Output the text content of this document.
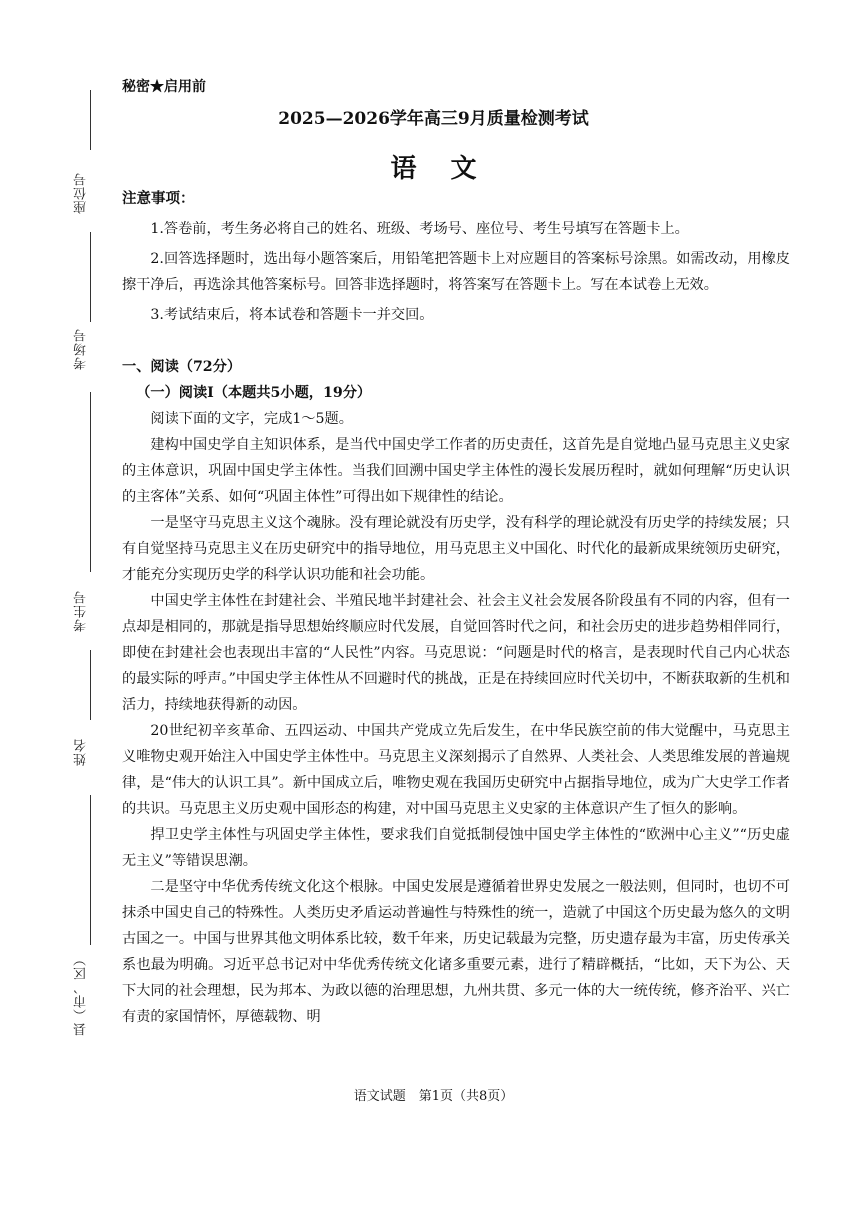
座位号
考场号
考生号
姓名
县（市、区）
秘密★启用前
2025—2026学年高三9月质量检测考试
语文
注意事项：
1.答卷前，考生务必将自己的姓名、班级、考场号、座位号、考生号填写在答题卡上。
2.回答选择题时，选出每小题答案后，用铅笔把答题卡上对应题目的答案标号涂黑。如需改动，用橡皮擦干净后，再选涂其他答案标号。回答非选择题时，将答案写在答题卡上。写在本试卷上无效。
3.考试结束后，将本试卷和答题卡一并交回。
一、阅读（72分）
（一）阅读Ⅰ（本题共5小题，19分）
阅读下面的文字，完成1～5题。
建构中国史学自主知识体系，是当代中国史学工作者的历史责任，这首先是自觉地凸显马克思主义史家的主体意识，巩固中国史学主体性。当我们回溯中国史学主体性的漫长发展历程时，就如何理解“历史认识的主客体”关系、如何“巩固主体性”可得出如下规律性的结论。
一是坚守马克思主义这个魂脉。没有理论就没有历史学，没有科学的理论就没有历史学的持续发展；只有自觉坚持马克思主义在历史研究中的指导地位，用马克思主义中国化、时代化的最新成果统领历史研究，才能充分实现历史学的科学认识功能和社会功能。
中国史学主体性在封建社会、半殖民地半封建社会、社会主义社会发展各阶段虽有不同的内容，但有一点却是相同的，那就是指导思想始终顺应时代发展，自觉回答时代之问，和社会历史的进步趋势相伴同行，即使在封建社会也表现出丰富的“人民性”内容。马克思说：“问题是时代的格言，是表现时代自己内心状态的最实际的呼声。”中国史学主体性从不回避时代的挑战，正是在持续回应时代关切中，不断获取新的生机和活力，持续地获得新的动因。
20世纪初辛亥革命、五四运动、中国共产党成立先后发生，在中华民族空前的伟大觉醒中，马克思主义唯物史观开始注入中国史学主体性中。马克思主义深刻揭示了自然界、人类社会、人类思维发展的普遍规律，是“伟大的认识工具”。新中国成立后，唯物史观在我国历史研究中占据指导地位，成为广大史学工作者的共识。马克思主义历史观中国形态的构建，对中国马克思主义史家的主体意识产生了恒久的影响。
捍卫史学主体性与巩固史学主体性，要求我们自觉抵制侵蚀中国史学主体性的“欧洲中心主义”“历史虚无主义”等错误思潮。
二是坚守中华优秀传统文化这个根脉。中国史发展是遵循着世界史发展之一般法则，但同时，也切不可抹杀中国史自己的特殊性。人类历史矛盾运动普遍性与特殊性的统一，造就了中国这个历史最为悠久的文明古国之一。中国与世界其他文明体系比较，数千年来，历史记载最为完整，历史遗存最为丰富，历史传承关系也最为明确。习近平总书记对中华优秀传统文化诸多重要元素，进行了精辟概括，“比如，天下为公、天下大同的社会理想，民为邦本、为政以德的治理思想，九州共贯、多元一体的大一统传统，修齐治平、兴亡有责的家国情怀，厚德载物、明
语文试题　第1页（共8页）
